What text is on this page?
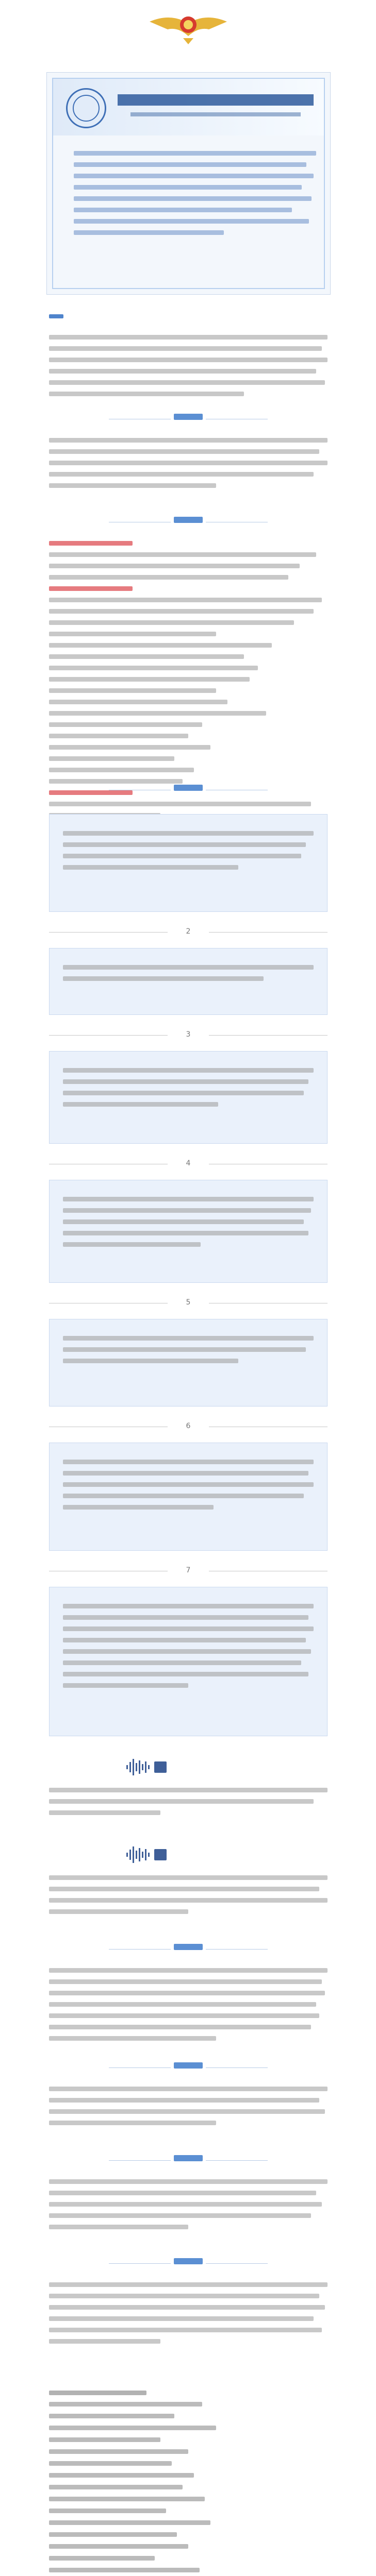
2
3
4
5
6
7
